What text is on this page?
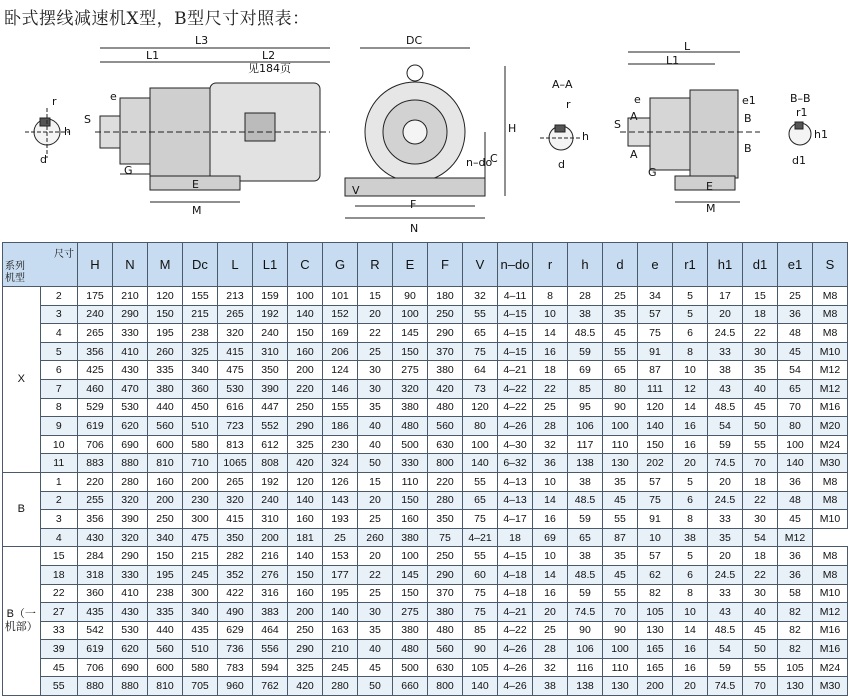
卧式摆线减速机X型，B型尺寸对照表：
r
h
d
L3
L1	L2
见184页
e
S
G
E
M
DC
H
C
n–do
V
F
N
A–A
r
h
d
L
L1
e
A
S
A
G
E
M
B–B
e1
B
B
r1
h1
d1
尺寸
机型
系列		H	N	M	Dc	L	L1	C	G	R	E	F	V	n–do	r	h	d	e	r1	h1	d1	e1	S
X	2	175	210	120	155	213	159	100	101	15	90	180	32	4–11	8	28	25	34	5	17	15	25	M8
	3	240	290	150	215	265	192	140	152	20	100	250	55	4–15	10	38	35	57	5	20	18	36	M8
	4	265	330	195	238	320	240	150	169	22	145	290	65	4–15	14	48.5	45	75	6	24.5	22	48	M8
	5	356	410	260	325	415	310	160	206	25	150	370	75	4–15	16	59	55	91	8	33	30	45	M10
	6	425	430	335	340	475	350	200	124	30	275	380	64	4–21	18	69	65	87	10	38	35	54	M12
	7	460	470	380	360	530	390	220	146	30	320	420	73	4–22	22	85	80	111	12	43	40	65	M12
	8	529	530	440	450	616	447	250	155	35	380	480	120	4–22	25	95	90	120	14	48.5	45	70	M16
	9	619	620	560	510	723	552	290	186	40	480	560	80	4–26	28	106	100	140	16	54	50	80	M20
	10	706	690	600	580	813	612	325	230	40	500	630	100	4–30	32	117	110	150	16	59	55	100	M24
	11	883	880	810	710	1065	808	420	324	50	330	800	140	6–32	36	138	130	202	20	74.5	70	140	M30
B	1	220	280	160	200	265	192	120	126	15	110	220	55	4–13	10	38	35	57	5	20	18	36	M8
	2	255	320	200	230	320	240	140	143	20	150	280	65	4–13	14	48.5	45	75	6	24.5	22	48	M8
	3	356	390	250	300	415	310	160	193	25	160	350	75	4–17	16	59	55	91	8	33	30	45	M10
	4	430	320	340	475	350	200	181	25	260	380	75	4–21	18	69	65	87	10	38	35	54	M12	
B（一机部）	15	284	290	150	215	282	216	140	153	20	100	250	55	4–15	10	38	35	57	5	20	18	36	M8
	18	318	330	195	245	352	276	150	177	22	145	290	60	4–18	14	48.5	45	62	6	24.5	22	36	M8
	22	360	410	238	300	422	316	160	195	25	150	370	75	4–18	16	59	55	82	8	33	30	58	M10
	27	435	430	335	340	490	383	200	140	30	275	380	75	4–21	20	74.5	70	105	10	43	40	82	M12
	33	542	530	440	435	629	464	250	163	35	380	480	85	4–22	25	90	90	130	14	48.5	45	82	M16
	39	619	620	560	510	736	556	290	210	40	480	560	90	4–26	28	106	100	165	16	54	50	82	M16
	45	706	690	600	580	783	594	325	245	45	500	630	105	4–26	32	116	110	165	16	59	55	105	M24
	55	880	880	810	705	960	762	420	280	50	660	800	140	4–26	38	138	130	200	20	74.5	70	130	M30
